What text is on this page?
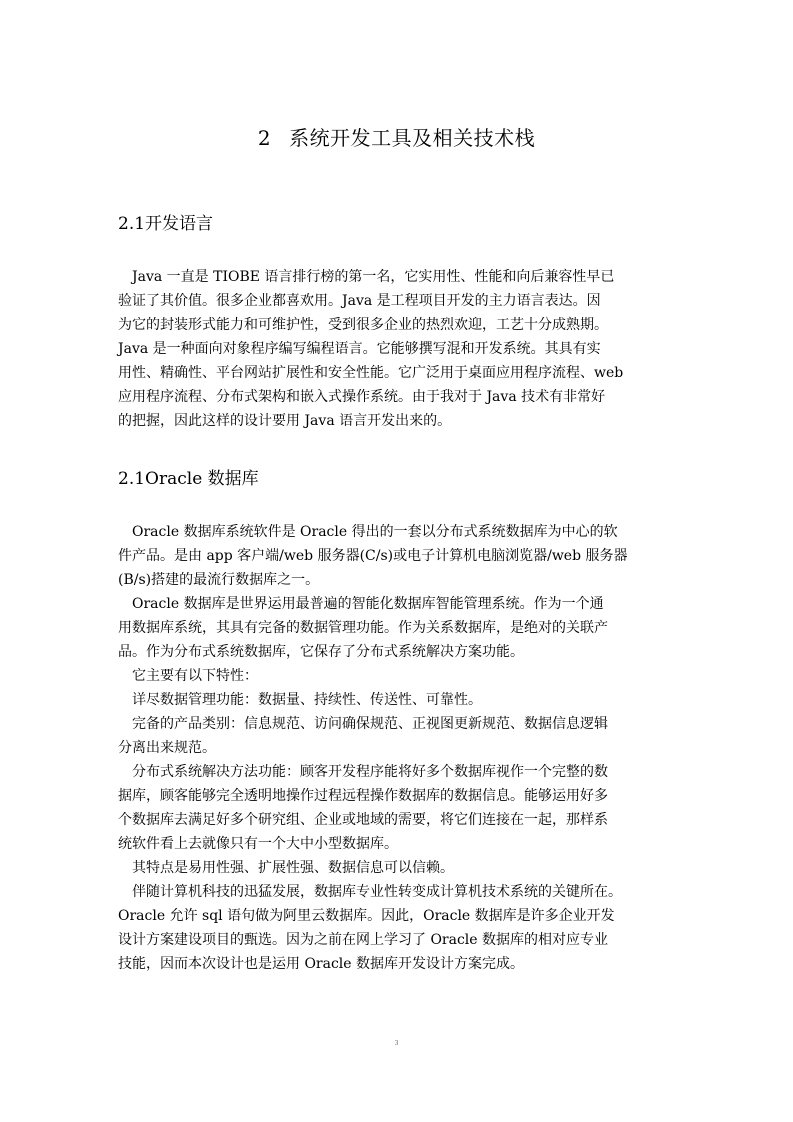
2 系统开发工具及相关技术栈
2.1开发语言
　Java 一直是 TIOBE 语言排行榜的第一名，它实用性、性能和向后兼容性早已
验证了其价值。很多企业都喜欢用。Java 是工程项目开发的主力语言表达。因
为它的封装形式能力和可维护性，受到很多企业的热烈欢迎，工艺十分成熟期。
Java 是一种面向对象程序编写编程语言。它能够撰写混和开发系统。其具有实
用性、精确性、平台网站扩展性和安全性能。它广泛用于桌面应用程序流程、web
应用程序流程、分布式架构和嵌入式操作系统。由于我对于 Java 技术有非常好
的把握，因此这样的设计要用 Java 语言开发出来的。
2.1Oracle 数据库
　Oracle 数据库系统软件是 Oracle 得出的一套以分布式系统数据库为中心的软
件产品。是由 app 客户端/web 服务器(C/s)或电子计算机电脑浏览器/web 服务器
(B/s)搭建的最流行数据库之一。
　Oracle 数据库是世界运用最普遍的智能化数据库智能管理系统。作为一个通
用数据库系统，其具有完备的数据管理功能。作为关系数据库，是绝对的关联产
品。作为分布式系统数据库，它保存了分布式系统解决方案功能。
　它主要有以下特性：
　详尽数据管理功能：数据量、持续性、传送性、可靠性。
　完备的产品类别：信息规范、访问确保规范、正视图更新规范、数据信息逻辑
分离出来规范。
　分布式系统解决方法功能：顾客开发程序能将好多个数据库视作一个完整的数
据库，顾客能够完全透明地操作过程远程操作数据库的数据信息。能够运用好多
个数据库去满足好多个研究组、企业或地域的需要，将它们连接在一起，那样系
统软件看上去就像只有一个大中小型数据库。
　其特点是易用性强、扩展性强、数据信息可以信赖。
　伴随计算机科技的迅猛发展，数据库专业性转变成计算机技术系统的关键所在。
Oracle 允许 sql 语句做为阿里云数据库。因此，Oracle 数据库是许多企业开发
设计方案建设项目的甄选。因为之前在网上学习了 Oracle 数据库的相对应专业
技能，因而本次设计也是运用 Oracle 数据库开发设计方案完成。
3
